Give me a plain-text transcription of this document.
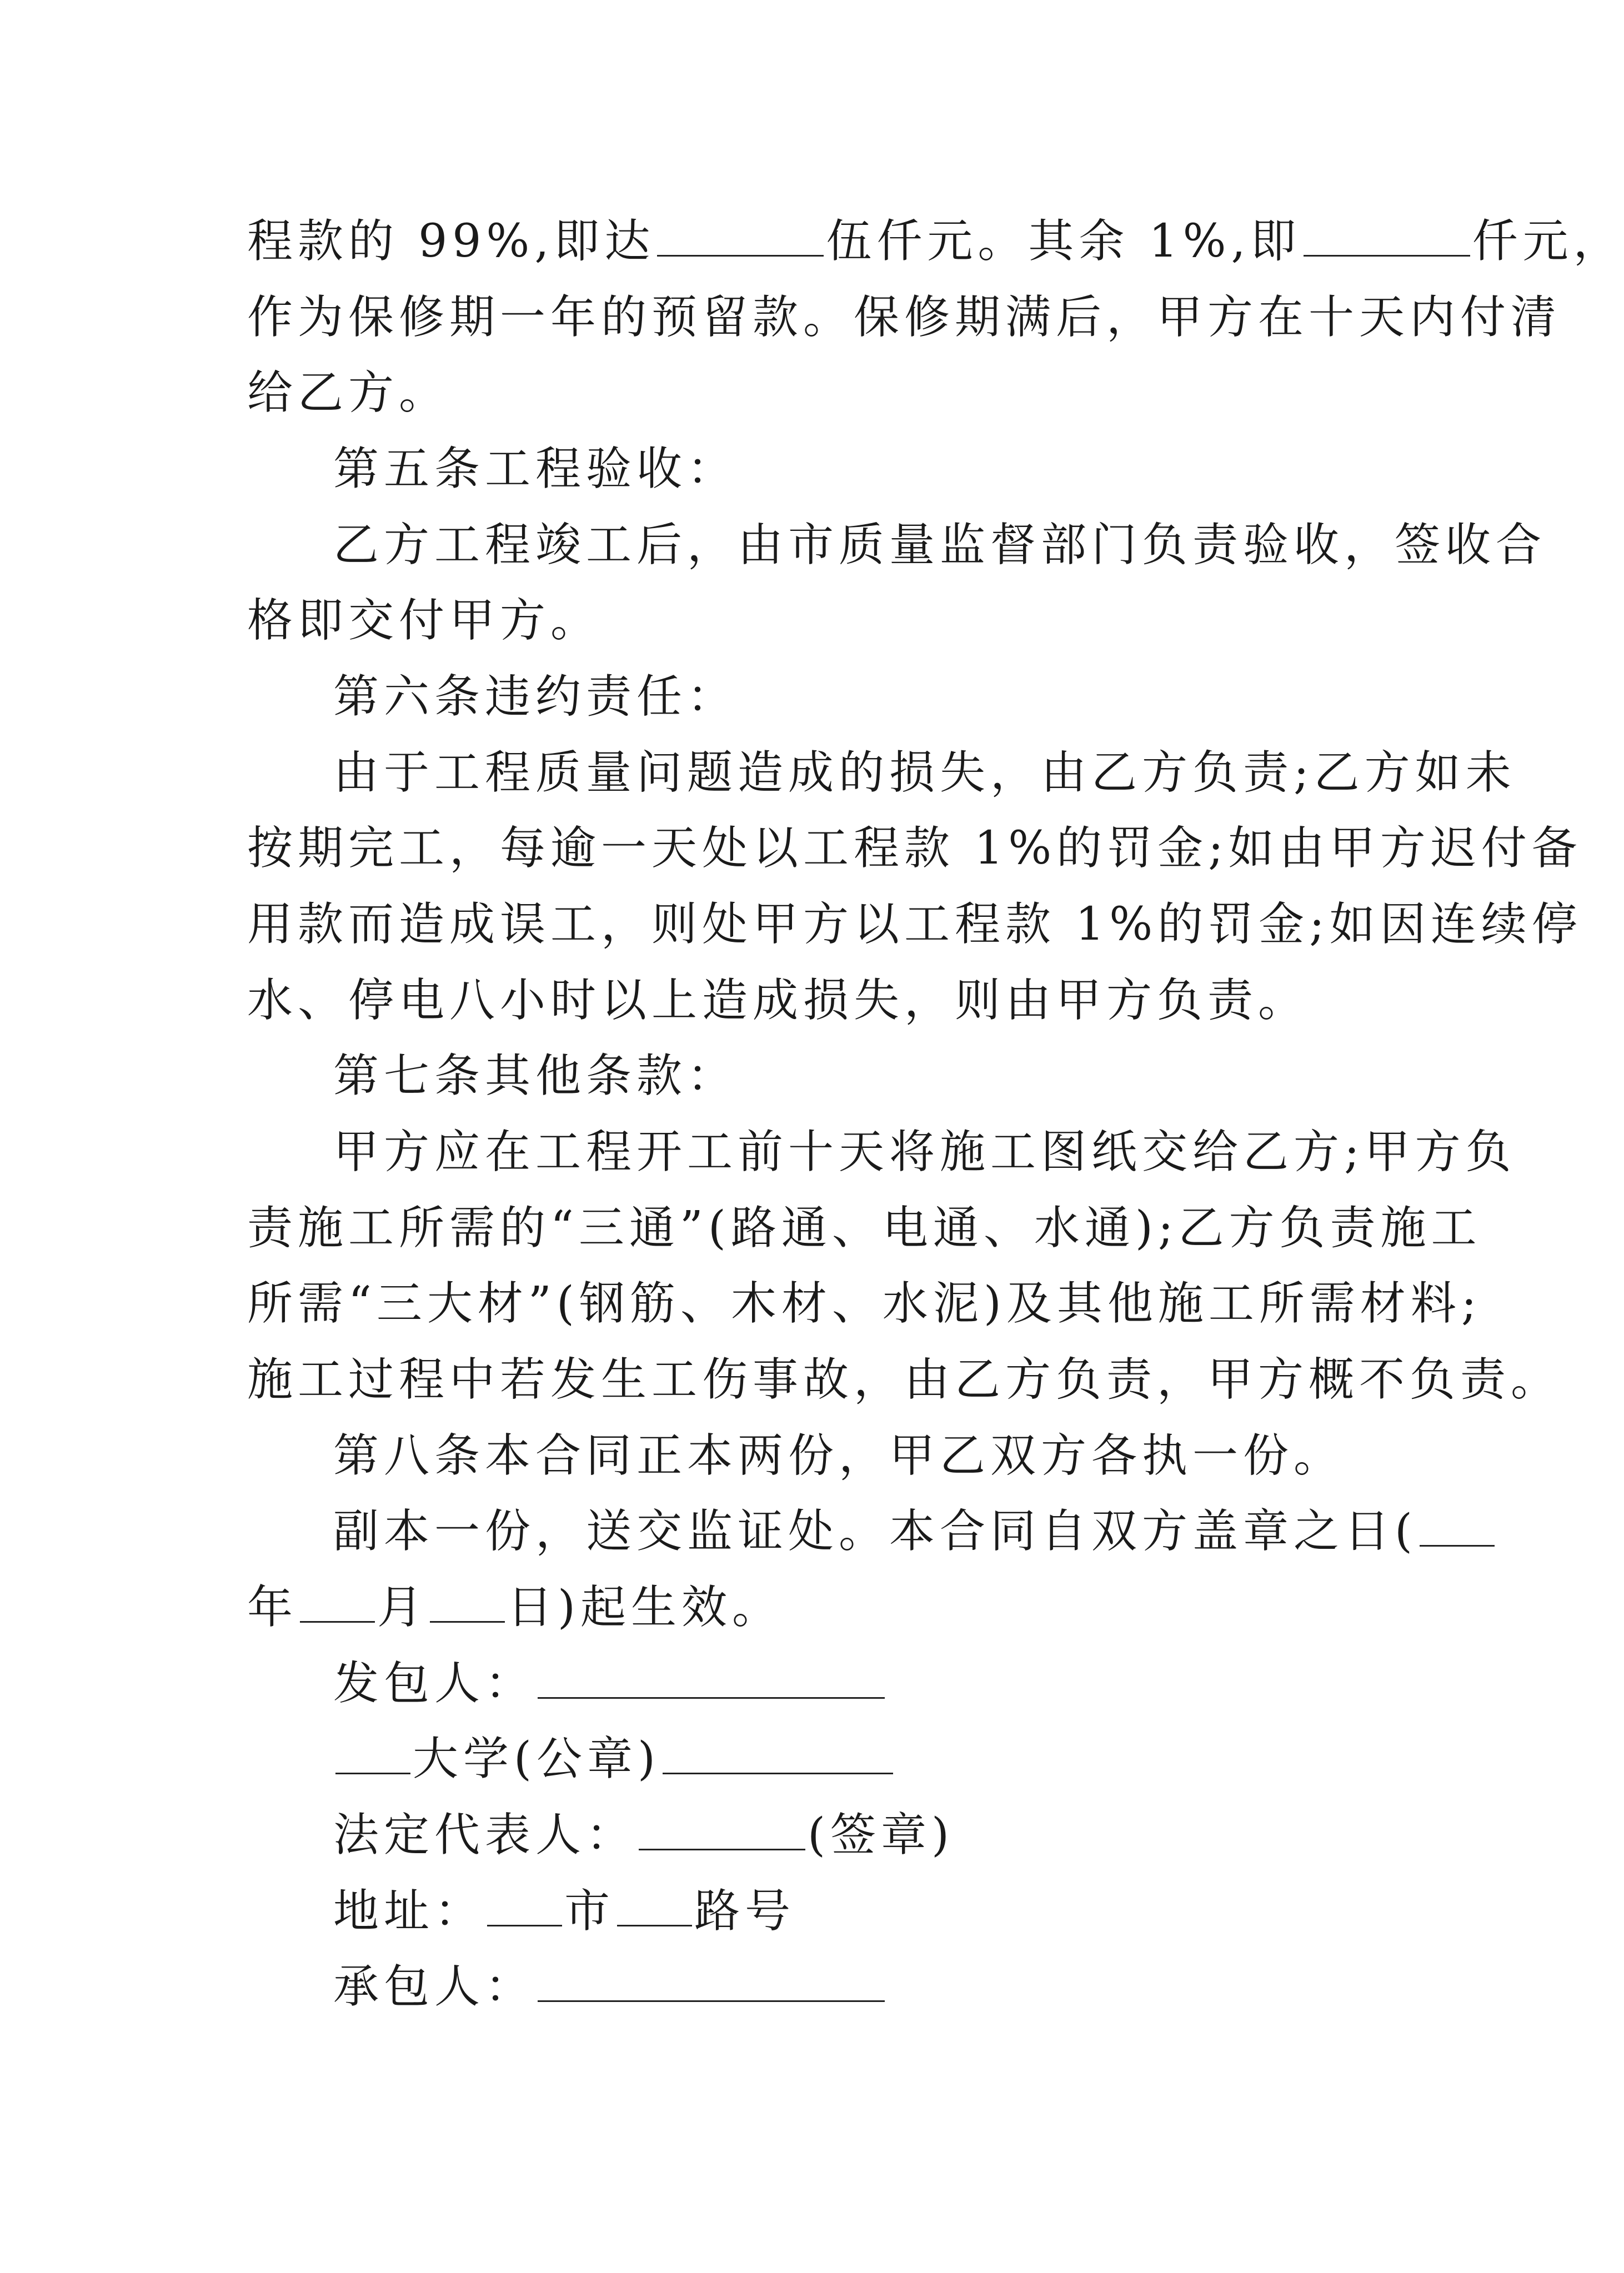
程款的 99%,即达	伍仟元。其余 1%,即	仟元，
作为保修期一年的预留款。保修期满后，甲方在十天内付清
给乙方。
第五条工程验收：
乙方工程竣工后，由市质量监督部门负责验收，签收合
格即交付甲方。
第六条违约责任：
由于工程质量问题造成的损失，由乙方负责;乙方如未
按期完工，每逾一天处以工程款 1%的罚金;如由甲方迟付备
用款而造成误工，则处甲方以工程款 1%的罚金;如因连续停
水、停电八小时以上造成损失，则由甲方负责。
第七条其他条款：
甲方应在工程开工前十天将施工图纸交给乙方;甲方负
责施工所需的“三通”(路通、电通、水通);乙方负责施工
所需“三大材”(钢筋、木材、水泥)及其他施工所需材料;
施工过程中若发生工伤事故，由乙方负责，甲方概不负责。
第八条本合同正本两份，甲乙双方各执一份。
副本一份，送交监证处。本合同自双方盖章之日(
年 月 日)起生效。
发包人：
大学(公章)
法定代表人：	(签章)
地址： 市 路号
承包人：
